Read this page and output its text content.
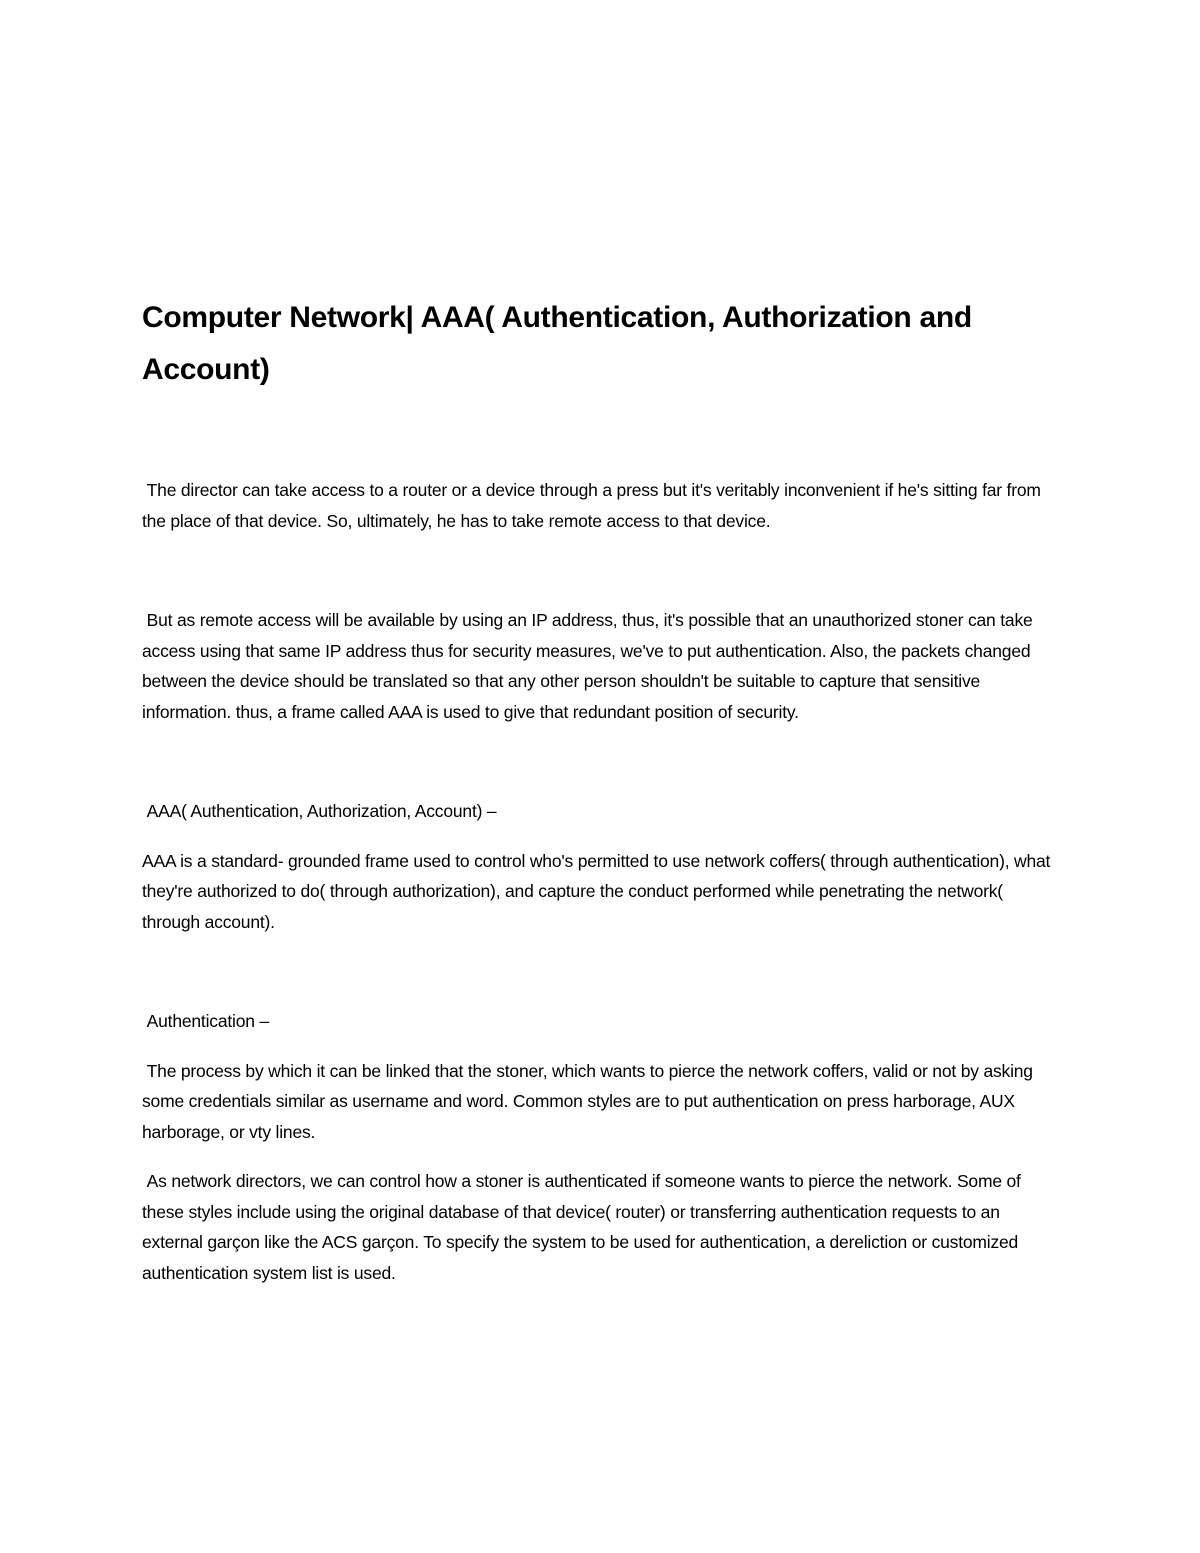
Computer Network| AAA( Authentication, Authorization and Account)

The director can take access to a router or a device through a press but it's veritably inconvenient if he's sitting far from the place of that device. So, ultimately, he has to take remote access to that device.

But as remote access will be available by using an IP address, thus, it's possible that an unauthorized stoner can take access using that same IP address thus for security measures, we've to put authentication. Also, the packets changed between the device should be translated so that any other person shouldn't be suitable to capture that sensitive information. thus, a frame called AAA is used to give that redundant position of security.

AAA( Authentication, Authorization, Account) –

AAA is a standard- grounded frame used to control who's permitted to use network coffers( through authentication), what they're authorized to do( through authorization), and capture the conduct performed while penetrating the network( through account).

Authentication –

The process by which it can be linked that the stoner, which wants to pierce the network coffers, valid or not by asking some credentials similar as username and word. Common styles are to put authentication on press harborage, AUX harborage, or vty lines.

As network directors, we can control how a stoner is authenticated if someone wants to pierce the network. Some of these styles include using the original database of that device( router) or transferring authentication requests to an external garçon like the ACS garçon. To specify the system to be used for authentication, a dereliction or customized authentication system list is used.
